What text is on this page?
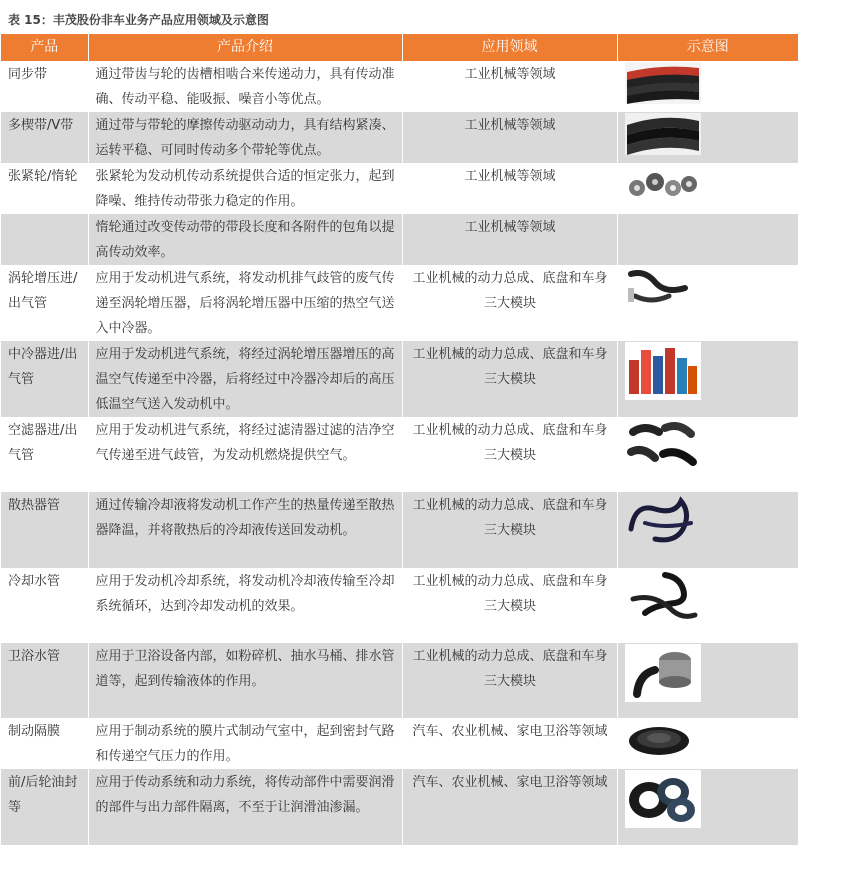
表 15：丰茂股份非车业务产品应用领域及示意图
产品	产品介绍	应用领域	示意图
同步带	通过带齿与轮的齿槽相啮合来传递动力，具有传动准确、传动平稳、能吸振、噪音小等优点。	工业机械等领域	

多楔带/V带	通过带与带轮的摩擦传动驱动动力，具有结构紧凑、运转平稳、可同时传动多个带轮等优点。	工业机械等领域	

张紧轮/惰轮	张紧轮为发动机传动系统提供合适的恒定张力，起到降噪、维持传动带张力稳定的作用。	工业机械等领域	

	惰轮通过改变传动带的带段长度和各附件的包角以提高传动效率。	工业机械等领域	
涡轮增压进/出气管	应用于发动机进气系统，将发动机排气歧管的废气传递至涡轮增压器，后将涡轮增压器中压缩的热空气送入中冷器。	工业机械的动力总成、底盘和车身三大模块	

中冷器进/出气管	应用于发动机进气系统，将经过涡轮增压器增压的高温空气传递至中冷器，后将经过中冷器冷却后的高压低温空气送入发动机中。	工业机械的动力总成、底盘和车身三大模块	

空滤器进/出气管	应用于发动机进气系统，将经过滤清器过滤的洁净空气传递至进气歧管，为发动机燃烧提供空气。	工业机械的动力总成、底盘和车身三大模块	

散热器管	通过传输冷却液将发动机工作产生的热量传递至散热器降温，并将散热后的冷却液传送回发动机。	工业机械的动力总成、底盘和车身三大模块	

冷却水管	应用于发动机冷却系统，将发动机冷却液传输至冷却系统循环，达到冷却发动机的效果。	工业机械的动力总成、底盘和车身三大模块	

卫浴水管	应用于卫浴设备内部，如粉碎机、抽水马桶、排水管道等，起到传输液体的作用。	工业机械的动力总成、底盘和车身三大模块	

制动隔膜	应用于制动系统的膜片式制动气室中，起到密封气路和传递空气压力的作用。	汽车、农业机械、家电卫浴等领域	

前/后轮油封等	应用于传动系统和动力系统，将传动部件中需要润滑的部件与出力部件隔离，不至于让润滑油渗漏。	汽车、农业机械、家电卫浴等领域	
